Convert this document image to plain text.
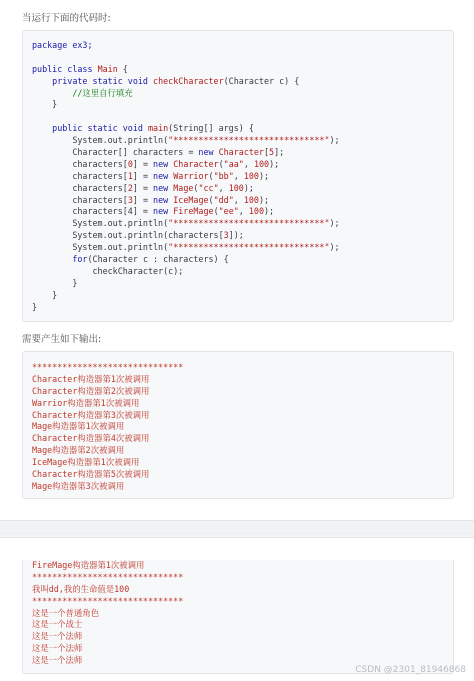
当运行下面的代码时:

package ex3;
public class Main {
private static void checkCharacter(Character c) {
//这里自行填充
}
public static void main(String[] args) {
System.out.println("******************************");
Character[] characters = new Character[5];
characters[0] = new Character("aa", 100);
characters[1] = new Warrior("bb", 100);
characters[2] = new Mage("cc", 100);
characters[3] = new IceMage("dd", 100);
characters[4] = new FireMage("ee", 100);
System.out.println("******************************");
System.out.println(characters[3]);
System.out.println("******************************");
for(Character c : characters) {
checkCharacter(c);
}
}
}

需要产生如下输出:

******************************
Character构造器第1次被调用
Character构造器第2次被调用
Warrior构造器第1次被调用
Character构造器第3次被调用
Mage构造器第1次被调用
Character构造器第4次被调用
Mage构造器第2次被调用
IceMage构造器第1次被调用
Character构造器第5次被调用
Mage构造器第3次被调用
FireMage构造器第1次被调用
******************************
我叫dd,我的生命值是100
******************************
这是一个普通角色
这是一个战士
这是一个法师
这是一个法师
这是一个法师
CSDN @2301_81946868
